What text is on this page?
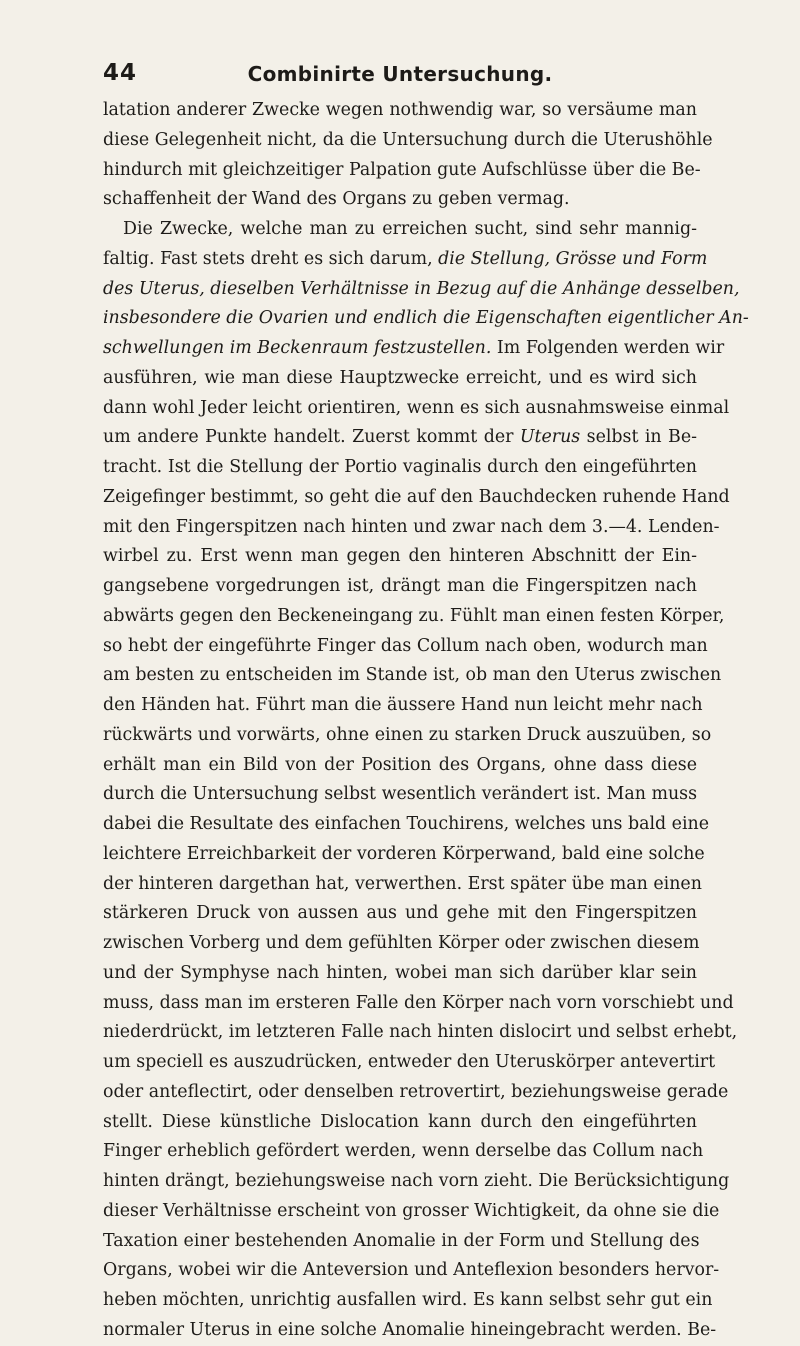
44	Combinirte Untersuchung.
latation anderer Zwecke wegen nothwendig war, so versäume man
diese Gelegenheit nicht, da die Untersuchung durch die Uterushöhle
hindurch mit gleichzeitiger Palpation gute Aufschlüsse über die Be-
schaffenheit der Wand des Organs zu geben vermag.
Die Zwecke, welche man zu erreichen sucht, sind sehr mannig-
faltig. Fast stets dreht es sich darum, die Stellung, Grösse und Form
des Uterus, dieselben Verhältnisse in Bezug auf die Anhänge desselben,
insbesondere die Ovarien und endlich die Eigenschaften eigentlicher An-
schwellungen im Beckenraum festzustellen. Im Folgenden werden wir
ausführen, wie man diese Hauptzwecke erreicht, und es wird sich
dann wohl Jeder leicht orientiren, wenn es sich ausnahmsweise einmal
um andere Punkte handelt. Zuerst kommt der Uterus selbst in Be-
tracht. Ist die Stellung der Portio vaginalis durch den eingeführten
Zeigefinger bestimmt, so geht die auf den Bauchdecken ruhende Hand
mit den Fingerspitzen nach hinten und zwar nach dem 3.—4. Lenden-
wirbel zu. Erst wenn man gegen den hinteren Abschnitt der Ein-
gangsebene vorgedrungen ist, drängt man die Fingerspitzen nach
abwärts gegen den Beckeneingang zu. Fühlt man einen festen Körper,
so hebt der eingeführte Finger das Collum nach oben, wodurch man
am besten zu entscheiden im Stande ist, ob man den Uterus zwischen
den Händen hat. Führt man die äussere Hand nun leicht mehr nach
rückwärts und vorwärts, ohne einen zu starken Druck auszuüben, so
erhält man ein Bild von der Position des Organs, ohne dass diese
durch die Untersuchung selbst wesentlich verändert ist. Man muss
dabei die Resultate des einfachen Touchirens, welches uns bald eine
leichtere Erreichbarkeit der vorderen Körperwand, bald eine solche
der hinteren dargethan hat, verwerthen. Erst später übe man einen
stärkeren Druck von aussen aus und gehe mit den Fingerspitzen
zwischen Vorberg und dem gefühlten Körper oder zwischen diesem
und der Symphyse nach hinten, wobei man sich darüber klar sein
muss, dass man im ersteren Falle den Körper nach vorn vorschiebt und
niederdrückt, im letzteren Falle nach hinten dislocirt und selbst erhebt,
um speciell es auszudrücken, entweder den Uteruskörper antevertirt
oder anteflectirt, oder denselben retrovertirt, beziehungsweise gerade
stellt. Diese künstliche Dislocation kann durch den eingeführten
Finger erheblich gefördert werden, wenn derselbe das Collum nach
hinten drängt, beziehungsweise nach vorn zieht. Die Berücksichtigung
dieser Verhältnisse erscheint von grosser Wichtigkeit, da ohne sie die
Taxation einer bestehenden Anomalie in der Form und Stellung des
Organs, wobei wir die Anteversion und Anteflexion besonders hervor-
heben möchten, unrichtig ausfallen wird. Es kann selbst sehr gut ein
normaler Uterus in eine solche Anomalie hineingebracht werden. Be-
